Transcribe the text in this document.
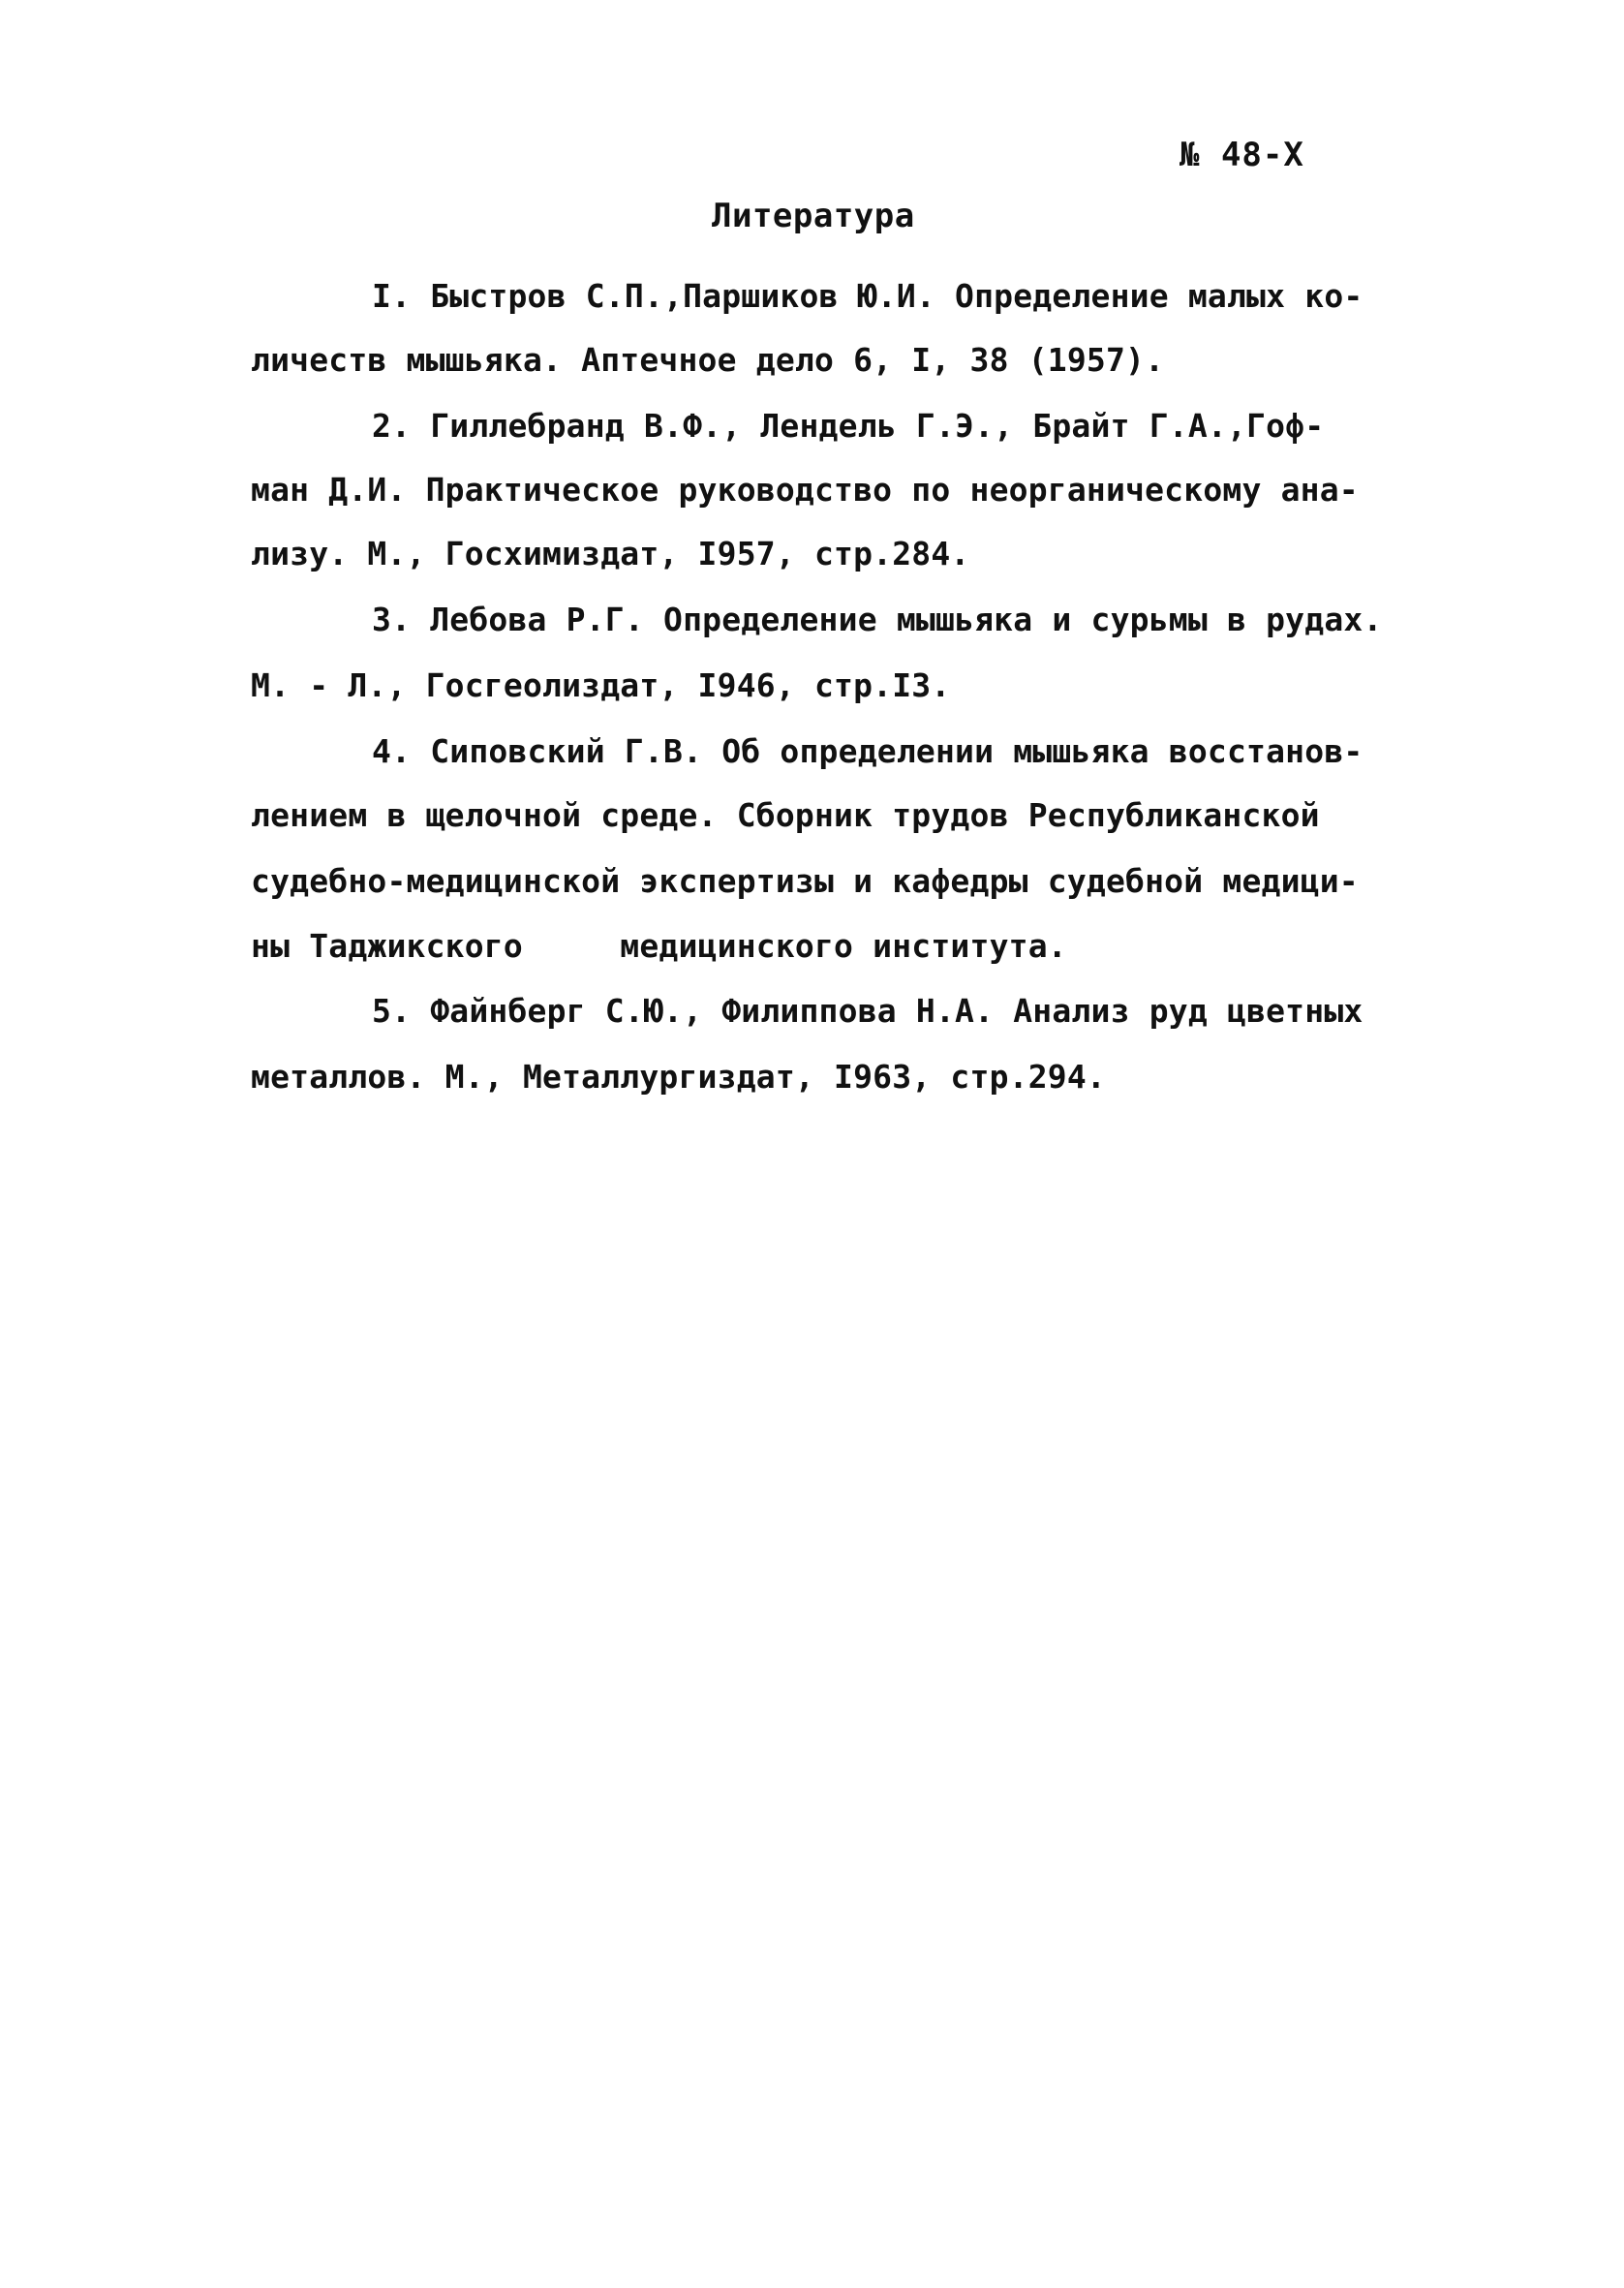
№ 48-Х
Литература
I. Быстров С.П.,Паршиков Ю.И. Определение малых ко-
личеств мышьяка. Аптечное дело 6, I, 38 (1957).
2. Гиллебранд В.Ф., Лендель Г.Э., Брайт Г.А.,Гоф-
ман Д.И. Практическое руководство по неорганическому ана-
лизу. М., Госхимиздат, I957, стр.284.
3. Лебова Р.Г. Определение мышьяка и сурьмы в рудах.
М. - Л., Госгеолиздат, I946, стр.I3.
4. Сиповский Г.В. Об определении мышьяка восстанов-
лением в щелочной среде. Сборник трудов Республиканской
судебно-медицинской экспертизы и кафедры судебной медици-
ны Таджикского     медицинского института.
5. Файнберг С.Ю., Филиппова Н.А. Анализ руд цветных
металлов. М., Металлургиздат, I963, стр.294.
